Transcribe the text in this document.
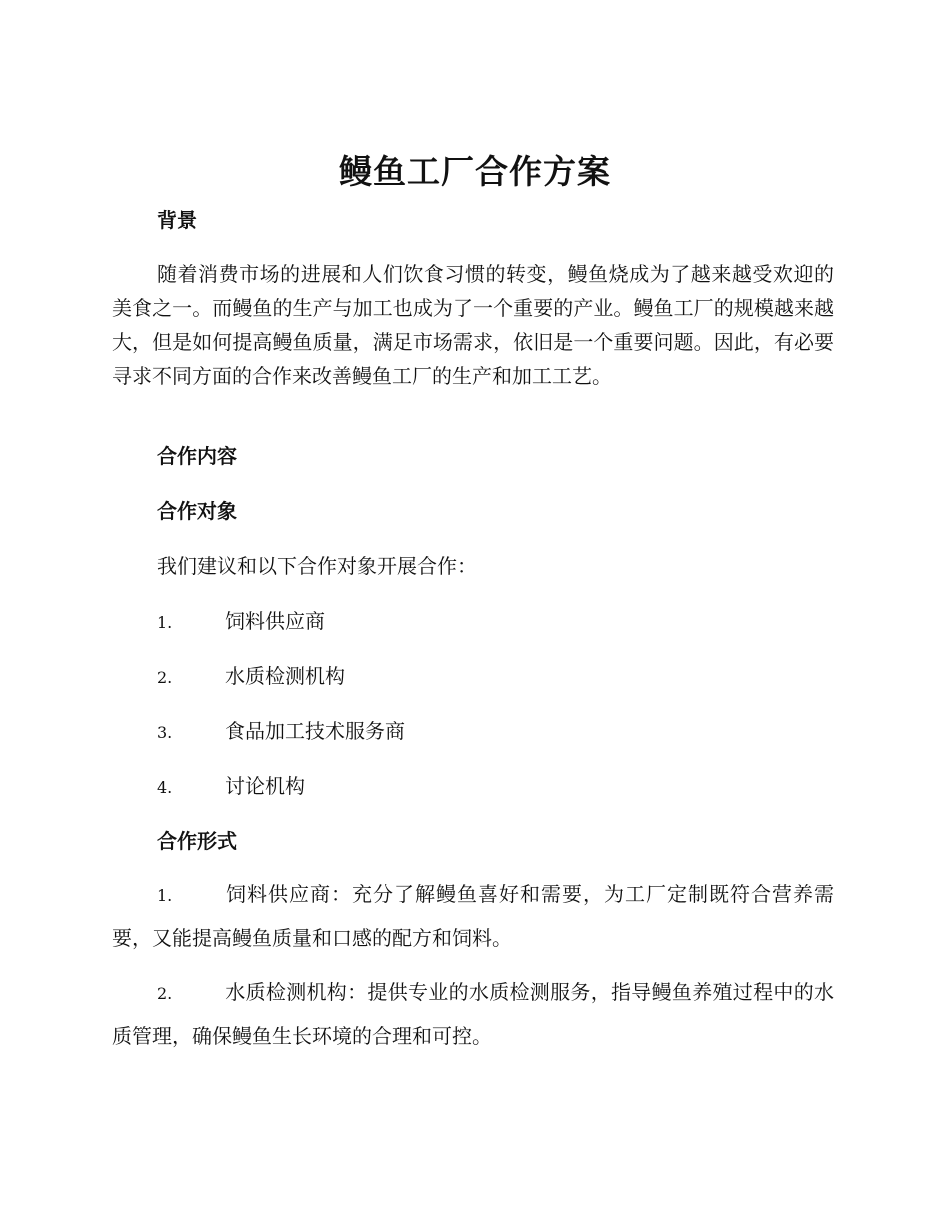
鳗鱼工厂合作方案
背景
随着消费市场的进展和人们饮食习惯的转变，鳗鱼烧成为了越来越受欢迎的美食之一。而鳗鱼的生产与加工也成为了一个重要的产业。鳗鱼工厂的规模越来越大，但是如何提高鳗鱼质量，满足市场需求，依旧是一个重要问题。因此，有必要寻求不同方面的合作来改善鳗鱼工厂的生产和加工工艺。
合作内容
合作对象
我们建议和以下合作对象开展合作：
1.	饲料供应商
2.	水质检测机构
3.	食品加工技术服务商
4.	讨论机构
合作形式
1.	饲料供应商：充分了解鳗鱼喜好和需要，为工厂定制既符合营养需要，又能提高鳗鱼质量和口感的配方和饲料。
2.	水质检测机构：提供专业的水质检测服务，指导鳗鱼养殖过程中的水质管理，确保鳗鱼生长环境的合理和可控。
